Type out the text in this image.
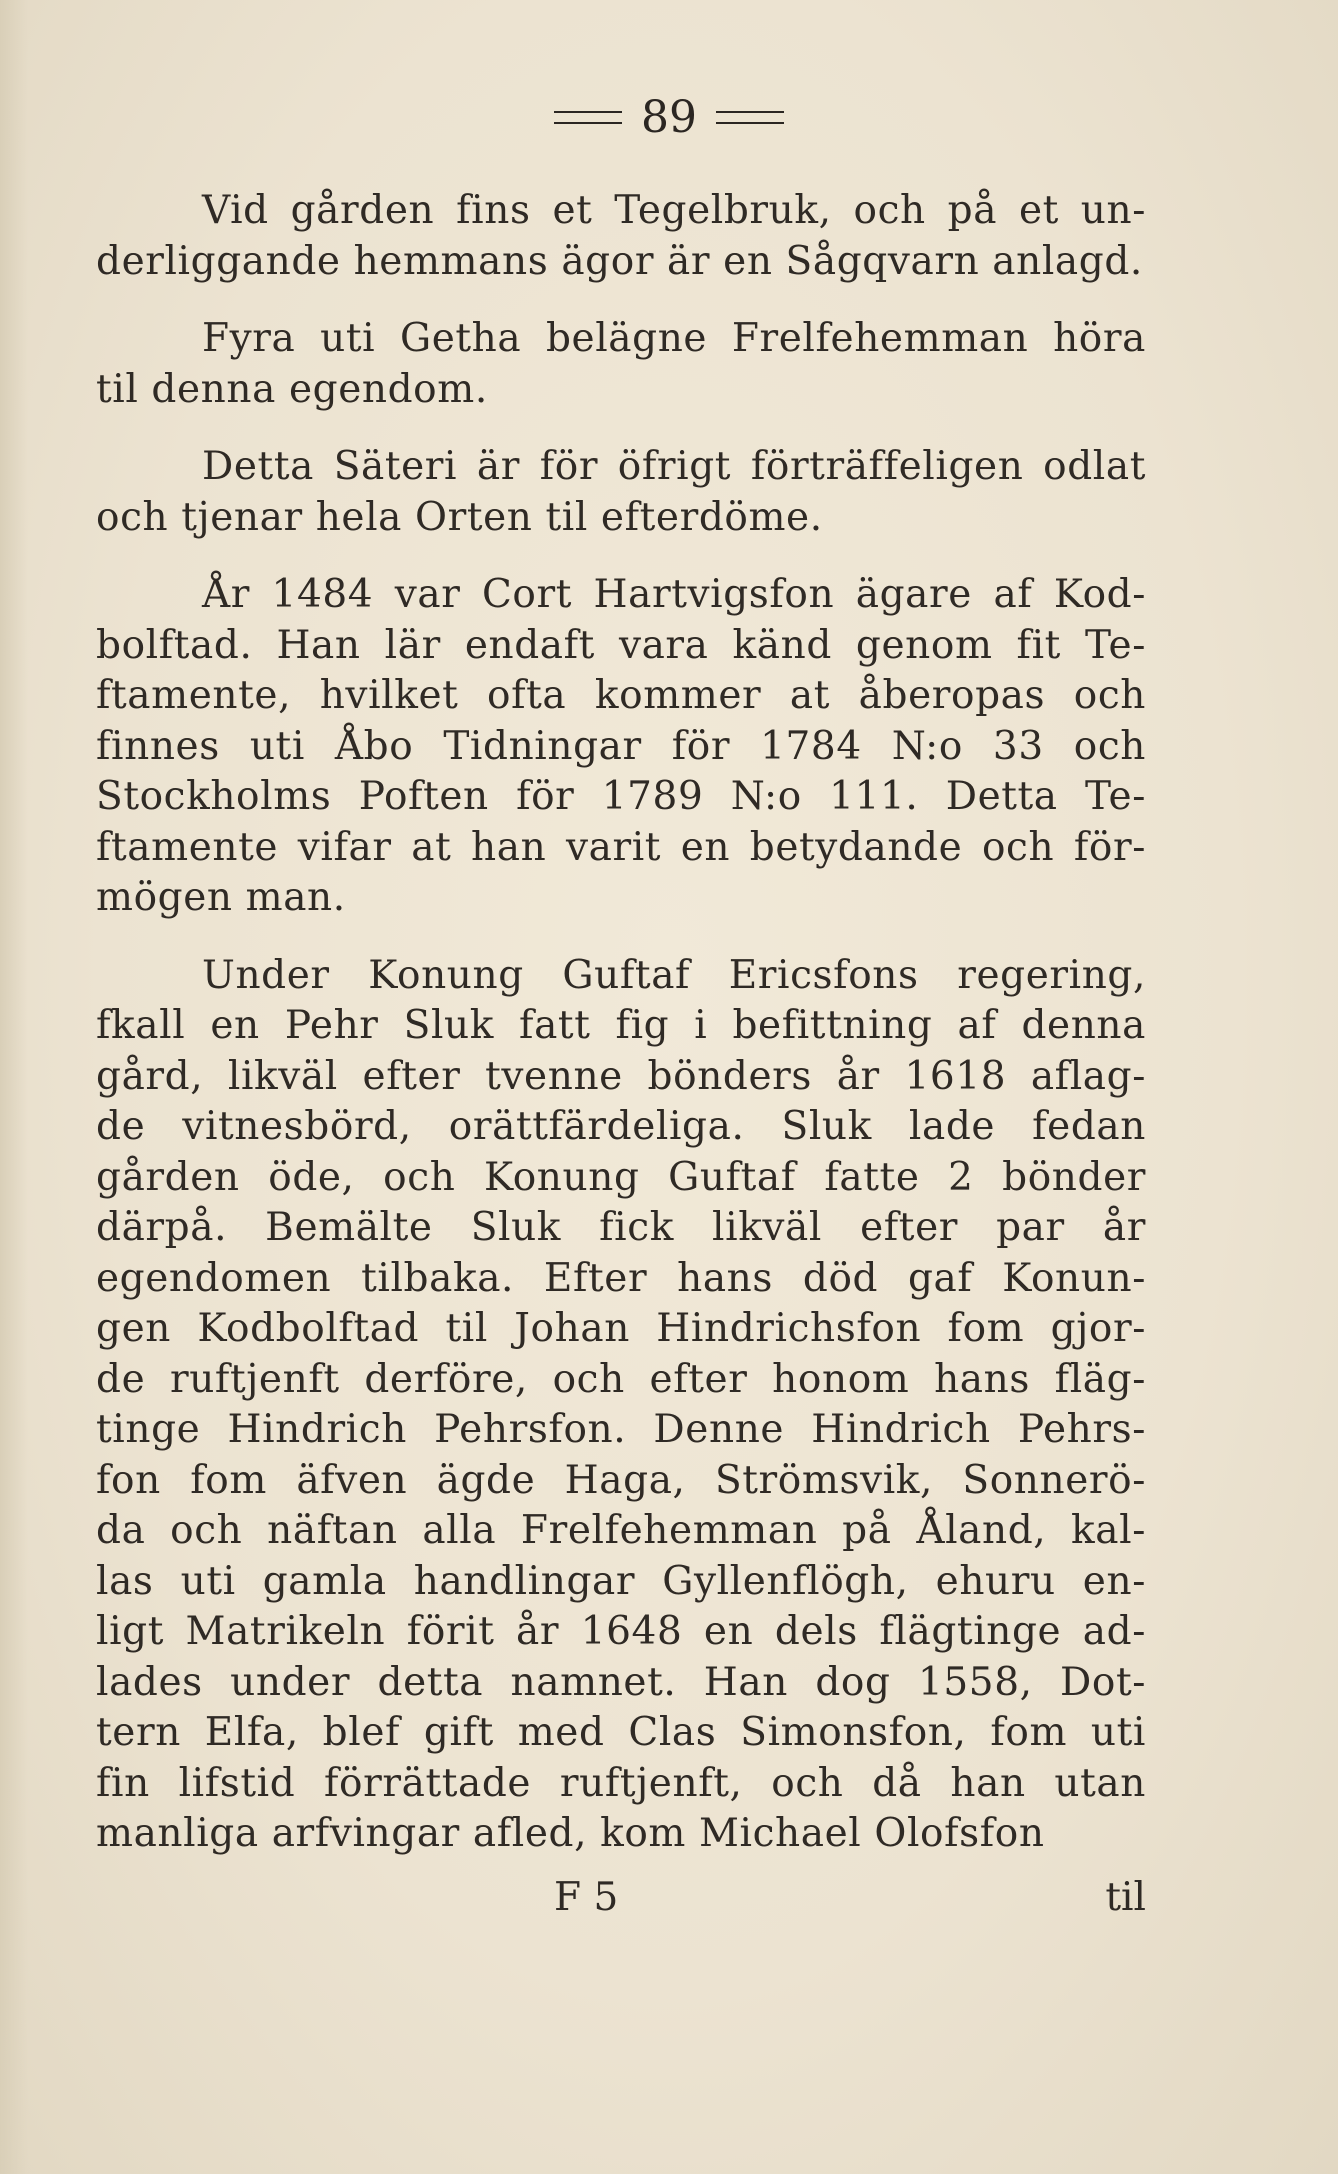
89

Vid gården fins et Tegelbruk, och på et un-
derliggande hemmans ägor är en Sågqvarn anlagd.

Fyra uti Getha belägne Frelfehemman höra
til denna egendom.

Detta Säteri är för öfrigt förträffeligen odlat
och tjenar hela Orten til efterdöme.

År 1484 var Cort Hartvigsfon ägare af Kod-
bolftad. Han lär endaft vara känd genom fit Te-
ftamente, hvilket ofta kommer at åberopas och
finnes uti Åbo Tidningar för 1784 N:o 33 och
Stockholms Poften för 1789 N:o 111. Detta Te-
ftamente vifar at han varit en betydande och för-
mögen man.

Under Konung Guftaf Ericsfons regering,
fkall en Pehr Sluk fatt fig i befittning af denna
gård, likväl efter tvenne bönders år 1618 aflag-
de vitnesbörd, orättfärdeliga. Sluk lade fedan
gården öde, och Konung Guftaf fatte 2 bönder
därpå. Bemälte Sluk fick likväl efter par år
egendomen tilbaka. Efter hans död gaf Konun-
gen Kodbolftad til Johan Hindrichsfon fom gjor-
de ruftjenft derföre, och efter honom hans fläg-
tinge Hindrich Pehrsfon. Denne Hindrich Pehrs-
fon fom äfven ägde Haga, Strömsvik, Sonnerö-
da och näftan alla Frelfehemman på Åland, kal-
las uti gamla handlingar Gyllenflögh, ehuru en-
ligt Matrikeln förit år 1648 en dels flägtinge ad-
lades under detta namnet. Han dog 1558, Dot-
tern Elfa, blef gift med Clas Simonsfon, fom uti
fin lifstid förrättade ruftjenft, och då han utan
manliga arfvingar afled, kom Michael Olofsfon

F 5	til
